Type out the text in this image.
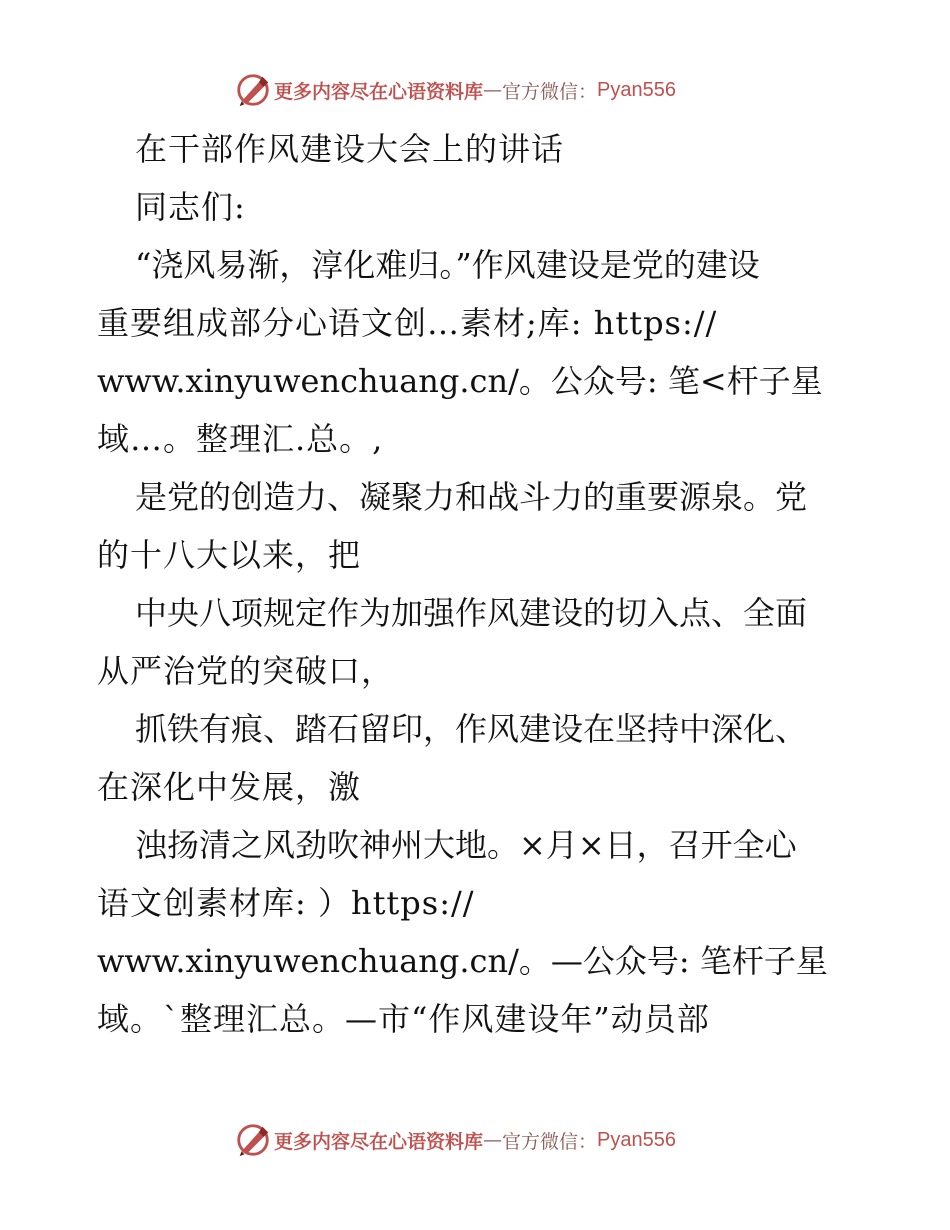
更多内容尽在心语资料库 — 官方微信： Pyan556
在干部作风建设大会上的讲话
同志们:
“浇风易渐，淳化难归。”作风建设是党的建设
重要组成部分心语文创…素材;库: https://
www.xinyuwenchuang.cn/。公众号: 笔<杆子星
域…。整理汇.总。,
是党的创造力、凝聚力和战斗力的重要源泉。党
的十八大以来，把
中央八项规定作为加强作风建设的切入点、全面
从严治党的突破口，
抓铁有痕、踏石留印，作风建设在坚持中深化、
在深化中发展，激
浊扬清之风劲吹神州大地。×月×日，召开全心
语文创素材库: ）https://
www.xinyuwenchuang.cn/。—公众号: 笔杆子星
域。`整理汇总。—市“作风建设年”动员部
更多内容尽在心语资料库 — 官方微信： Pyan556
